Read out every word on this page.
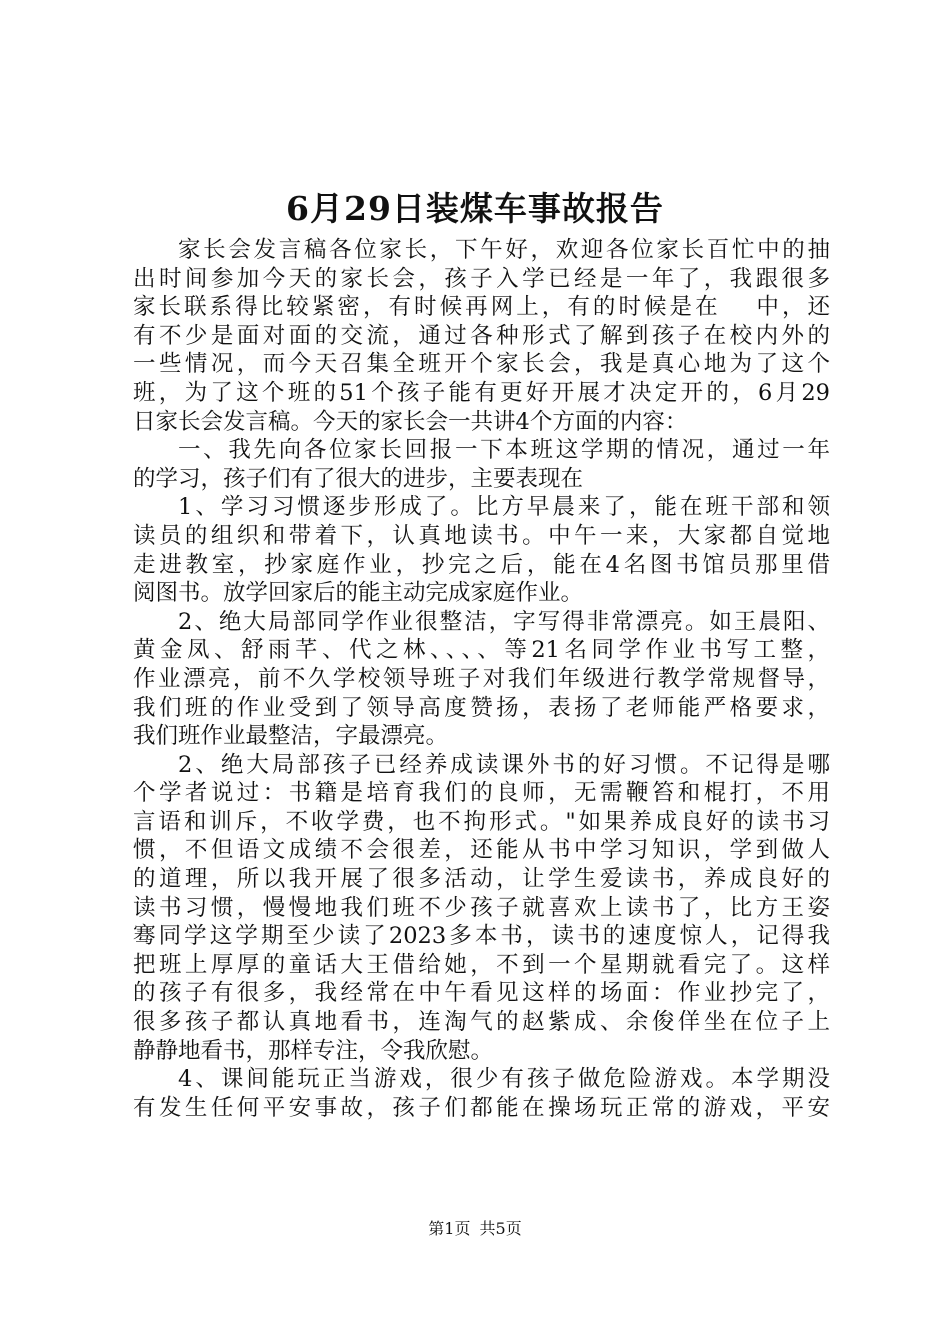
6月29日装煤车事故报告
家长会发言稿各位家长，下午好，欢迎各位家长百忙中的抽
出时间参加今天的家长会，孩子入学已经是一年了，我跟很多
家长联系得比较紧密，有时候再网上，有的时候是在　 中，还
有不少是面对面的交流，通过各种形式了解到孩子在校内外的
一些情况，而今天召集全班开个家长会，我是真心地为了这个
班，为了这个班的51个孩子能有更好开展才决定开的，6月29
日家长会发言稿。今天的家长会一共讲4个方面的内容：
一、我先向各位家长回报一下本班这学期的情况，通过一年
的学习，孩子们有了很大的进步，主要表现在
1、学习习惯逐步形成了。比方早晨来了，能在班干部和领
读员的组织和带着下，认真地读书。中午一来，大家都自觉地
走进教室，抄家庭作业，抄完之后，能在4名图书馆员那里借
阅图书。放学回家后的能主动完成家庭作业。
2、绝大局部同学作业很整洁，字写得非常漂亮。如王晨阳、
黄金凤、舒雨芊、代之林、、、、等21名同学作业书写工整，
作业漂亮，前不久学校领导班子对我们年级进行教学常规督导，
我们班的作业受到了领导高度赞扬，表扬了老师能严格要求，
我们班作业最整洁，字最漂亮。
2、绝大局部孩子已经养成读课外书的好习惯。不记得是哪
个学者说过：书籍是培育我们的良师，无需鞭笞和棍打，不用
言语和训斥，不收学费，也不拘形式。"如果养成良好的读书习
惯，不但语文成绩不会很差，还能从书中学习知识，学到做人
的道理，所以我开展了很多活动，让学生爱读书，养成良好的
读书习惯，慢慢地我们班不少孩子就喜欢上读书了，比方王姿
骞同学这学期至少读了2023多本书，读书的速度惊人，记得我
把班上厚厚的童话大王借给她，不到一个星期就看完了。这样
的孩子有很多，我经常在中午看见这样的场面：作业抄完了，
很多孩子都认真地看书，连淘气的赵紫成、余俊佯坐在位子上
静静地看书，那样专注，令我欣慰。
4、课间能玩正当游戏，很少有孩子做危险游戏。本学期没
有发生任何平安事故，孩子们都能在操场玩正常的游戏，平安
第1页 共5页
